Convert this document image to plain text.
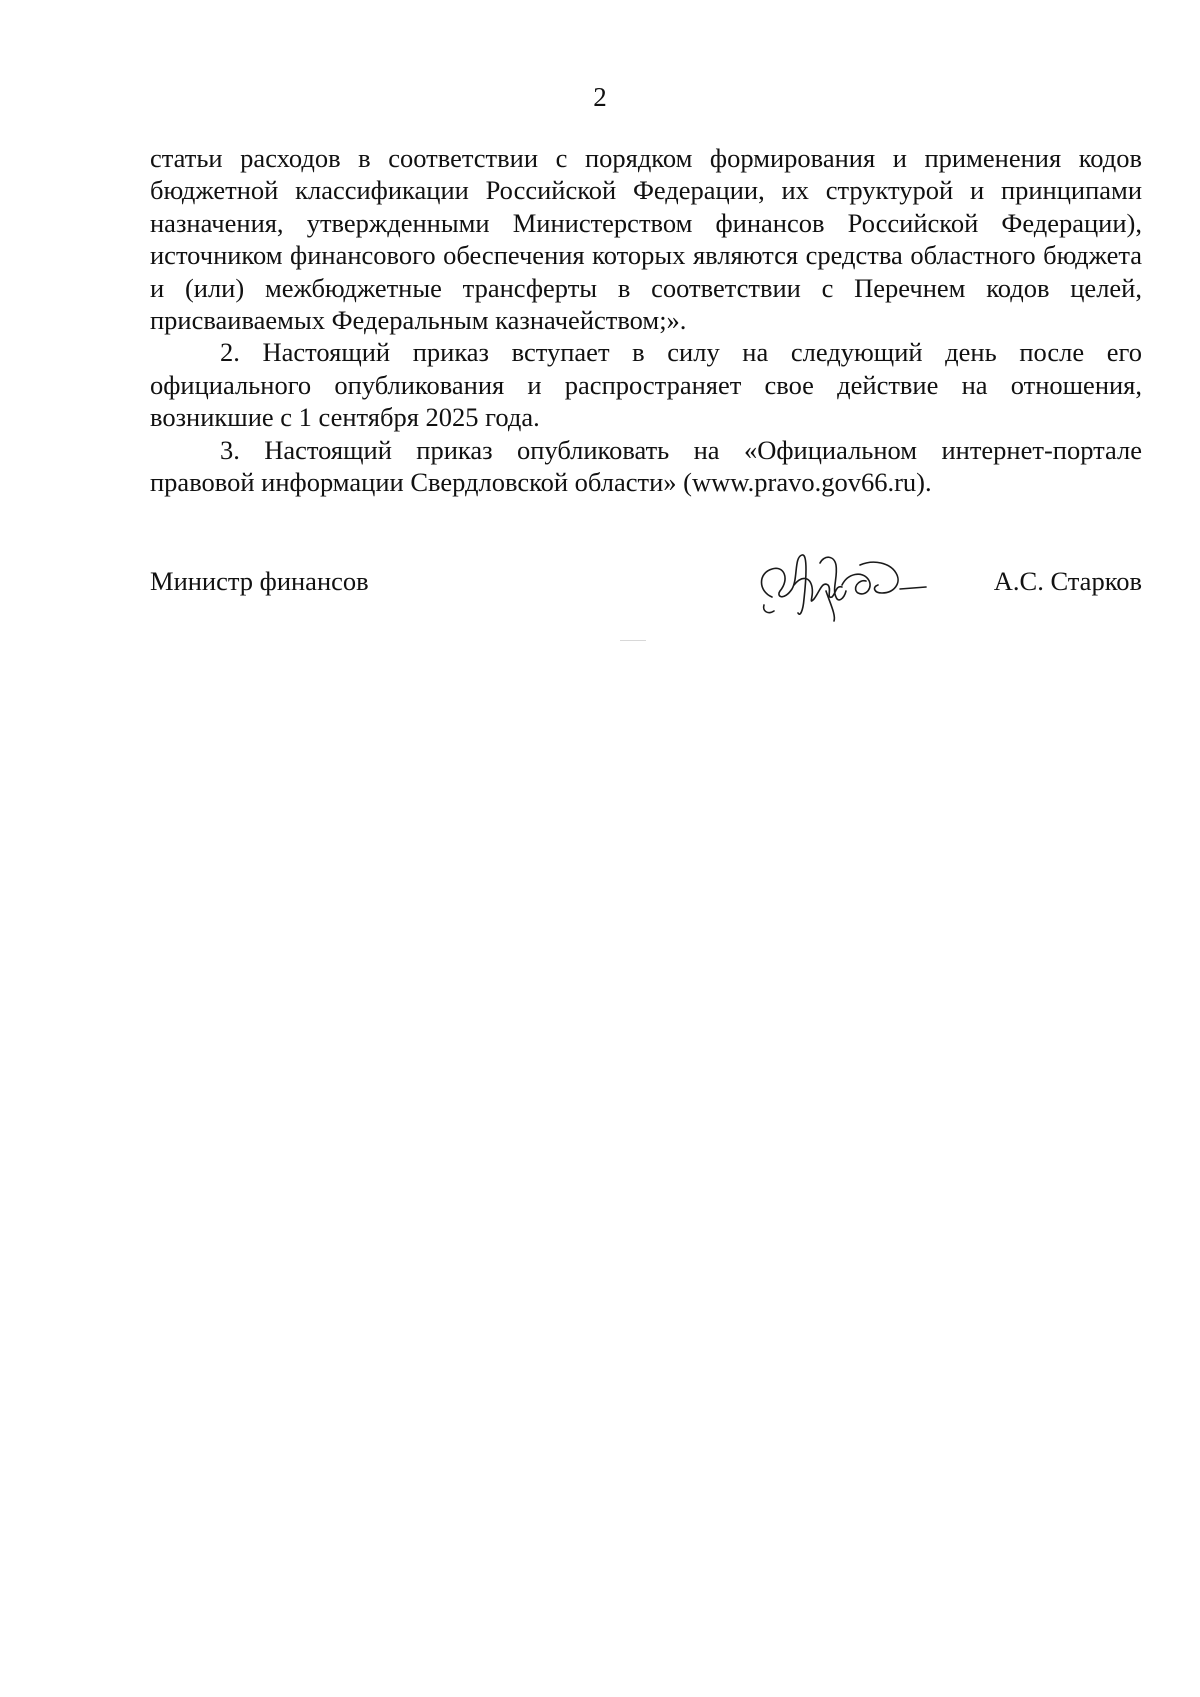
2

статьи расходов в соответствии с порядком формирования и применения кодов бюджетной классификации Российской Федерации, их структурой и принципами назначения, утвержденными Министерством финансов Российской Федерации), источником финансового обеспечения которых являются средства областного бюджета и (или) межбюджетные трансферты в соответствии с Перечнем кодов целей, присваиваемых Федеральным казначейством;».

2. Настоящий приказ вступает в силу на следующий день после его официального опубликования и распространяет свое действие на отношения, возникшие с 1 сентября 2025 года.

3. Настоящий приказ опубликовать на «Официальном интернет-портале правовой информации Свердловской области» (www.pravo.gov66.ru).

Министр финансов	А.С. Старков
